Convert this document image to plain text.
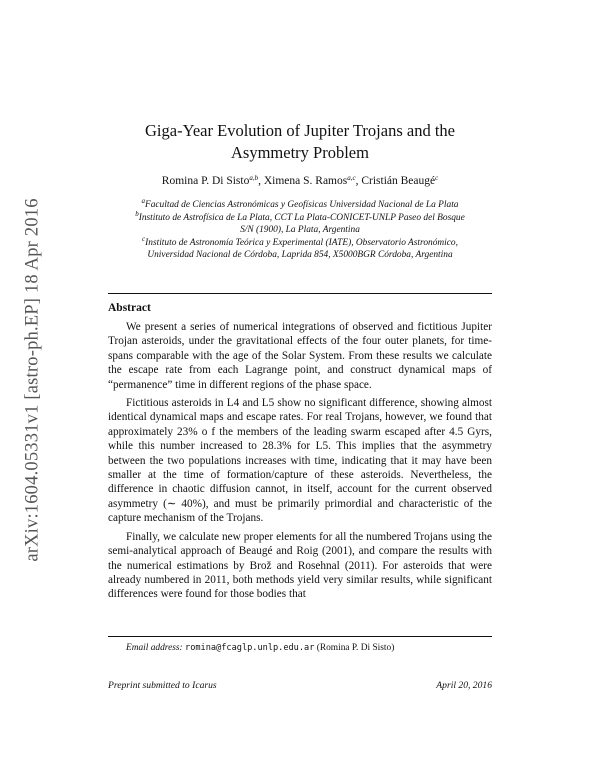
arXiv:1604.05331v1 [astro-ph.EP] 18 Apr 2016
Giga-Year Evolution of Jupiter Trojans and the
Asymmetry Problem
Romina P. Di Sisto$^{a,b}$, Ximena S. Ramos$^{a,c}$, Cristián Beaugé$^c$
$^a$Facultad de Ciencias Astronómicas y Geofísicas Universidad Nacional de La Plata
$^b$Instituto de Astrofísica de La Plata, CCT La Plata-CONICET-UNLP Paseo del Bosque
S/N (1900), La Plata, Argentina
$^c$Instituto de Astronomía Teórica y Experimental (IATE), Observatorio Astronómico,
Universidad Nacional de Córdoba, Laprida 854, X5000BGR Córdoba, Argentina
Abstract

We present a series of numerical integrations of observed and fictitious Jupiter Trojan asteroids, under the gravitational effects of the four outer planets, for time-spans comparable with the age of the Solar System. From these results we calculate the escape rate from each Lagrange point, and construct dynamical maps of “permanence” time in different regions of the phase space.

Fictitious asteroids in L4 and L5 show no significant difference, showing almost identical dynamical maps and escape rates. For real Trojans, however, we found that approximately 23% o f the members of the leading swarm escaped after 4.5 Gyrs, while this number increased to 28.3% for L5. This implies that the asymmetry between the two populations increases with time, indicating that it may have been smaller at the time of formation/capture of these asteroids. Nevertheless, the difference in chaotic diffusion cannot, in itself, account for the current observed asymmetry (∼ 40%), and must be primarily primordial and characteristic of the capture mechanism of the Trojans.

Finally, we calculate new proper elements for all the numbered Trojans using the semi-analytical approach of Beaugé and Roig (2001), and compare the results with the numerical estimations by Brož and Rosehnal (2011). For asteroids that were already numbered in 2011, both methods yield very similar results, while significant differences were found for those bodies that

Email address: romina@fcaglp.unlp.edu.ar (Romina P. Di Sisto)
Preprint submitted to Icarus	April 20, 2016
